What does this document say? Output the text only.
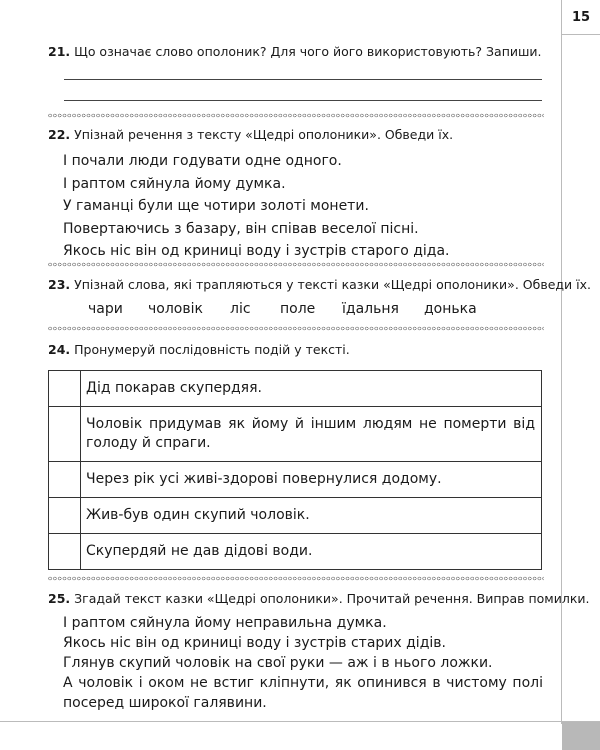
15
21. Що означає слово ополоник? Для чого його використовують? Запиши.
22. Упізнай речення з тексту «Щедрі ополоники». Обведи їх.
І почали люди годувати одне одного.
І раптом сяйнула йому думка.
У гаманці були ще чотири золоті монети.
Повертаючись з базару, він співав веселої пісні.
Якось ніс він од криниці воду і зустрів старого діда.
23. Упізнай слова, які трапляються у тексті казки «Щедрі ополоники». Обведи їх.
чари чоловік ліс поле їдальня донька
24. Пронумеруй послідовність подій у тексті.
	Дід покарав скупердяя.
	Чоловік придумав як йому й іншим людям не померти від голоду й спраги.
	Через рік усі живі-здорові повернулися додому.
	Жив-був один скупий чоловік.
	Скупердяй не дав дідові води.
25. Згадай текст казки «Щедрі ополоники». Прочитай речення. Виправ помилки.
І раптом сяйнула йому неправильна думка.
Якось ніс він од криниці воду і зустрів старих дідів.
Глянув скупий чоловік на свої руки — аж і в нього ложки.
А чоловік і оком не встиг кліпнути, як опинився в чистому полі посеред широкої галявини.
